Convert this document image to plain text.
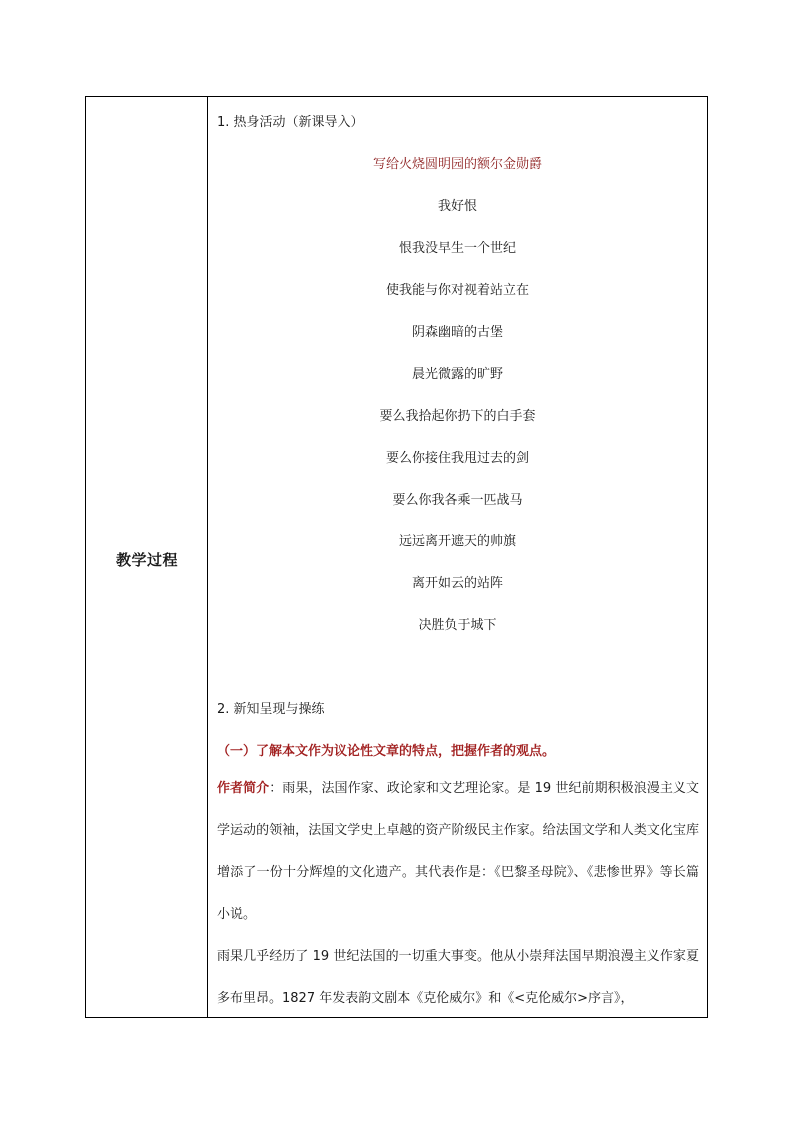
教学过程
1. 热身活动（新课导入）
写给火烧圆明园的额尔金勋爵
我好恨
恨我没早生一个世纪
使我能与你对视着站立在
阴森幽暗的古堡
晨光微露的旷野
要么我拾起你扔下的白手套
要么你接住我甩过去的剑
要么你我各乘一匹战马
远远离开遮天的帅旗
离开如云的站阵
决胜负于城下
2. 新知呈现与操练
（一）了解本文作为议论性文章的特点，把握作者的观点。
作者简介：雨果，法国作家、政论家和文艺理论家。是 19 世纪前期积极浪漫主义文学运动的领袖，法国文学史上卓越的资产阶级民主作家。给法国文学和人类文化宝库增添了一份十分辉煌的文化遗产。其代表作是：《巴黎圣母院》、《悲惨世界》等长篇小说。
雨果几乎经历了 19 世纪法国的一切重大事变。他从小崇拜法国早期浪漫主义作家夏多布里昂。1827 年发表韵文剧本《克伦威尔》和《<克伦威尔>序言》，
